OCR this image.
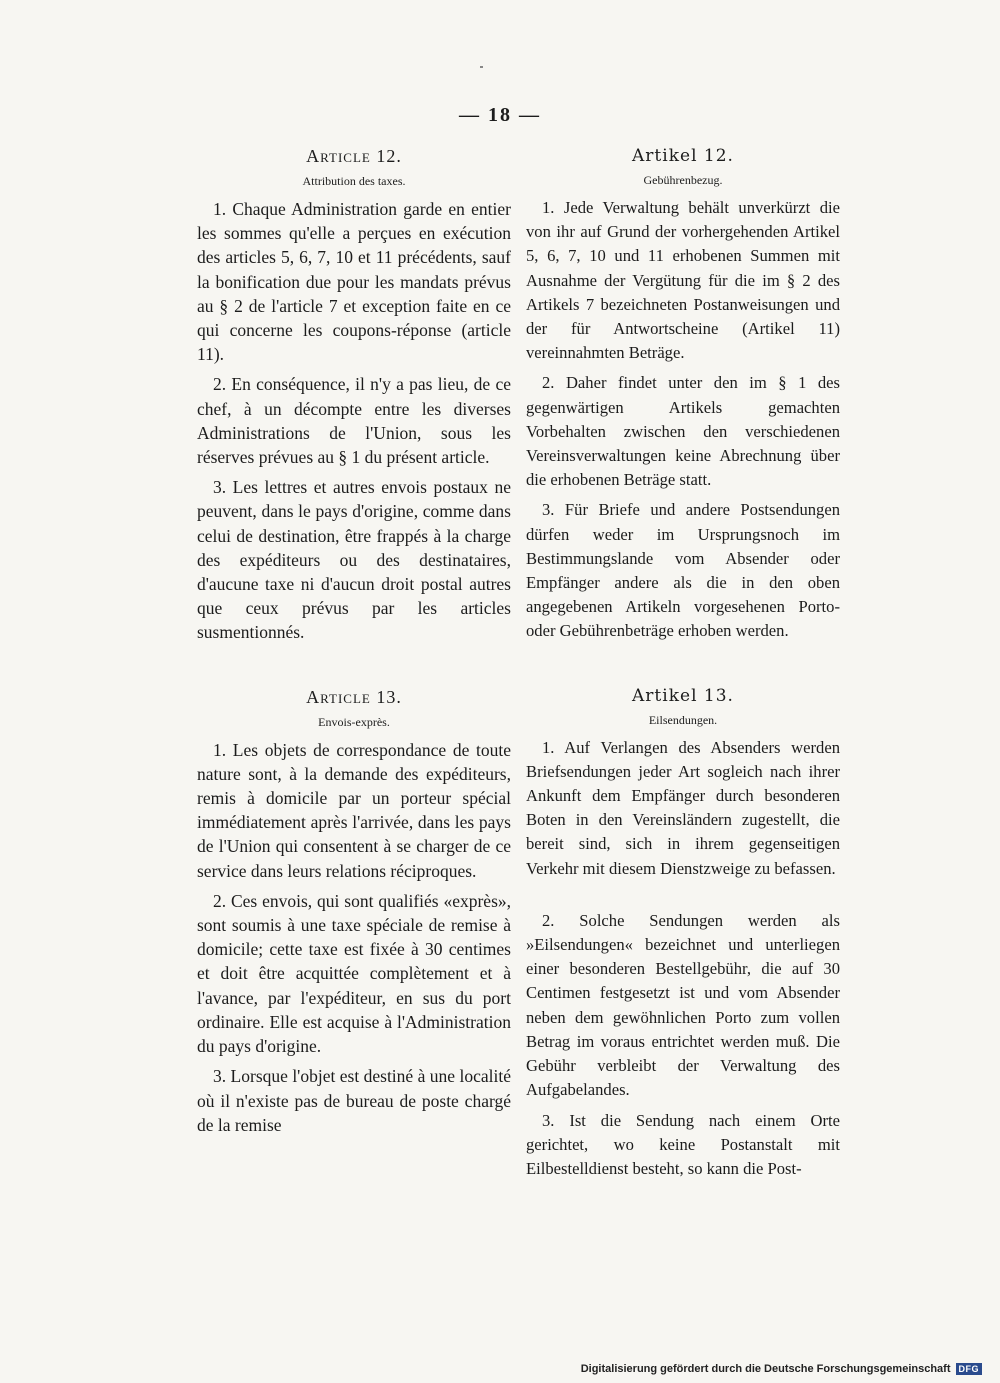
— 18 —
Article 12.
Attribution des taxes.

1. Chaque Administration garde en entier les sommes qu'elle a perçues en exécution des articles 5, 6, 7, 10 et 11 précédents, sauf la bonification due pour les mandats prévus au § 2 de l'article 7 et exception faite en ce qui concerne les coupons-réponse (article 11).

2. En conséquence, il n'y a pas lieu, de ce chef, à un décompte entre les diverses Administrations de l'Union, sous les réserves prévues au § 1 du présent article.

3. Les lettres et autres envois postaux ne peuvent, dans le pays d'origine, comme dans celui de destination, être frappés à la charge des expéditeurs ou des destinataires, d'aucune taxe ni d'aucun droit postal autres que ceux prévus par les articles susmentionnés.

Article 13.
Envois-exprès.

1. Les objets de correspondance de toute nature sont, à la demande des expéditeurs, remis à domicile par un porteur spécial immédiatement après l'arrivée, dans les pays de l'Union qui consentent à se charger de ce service dans leurs relations réciproques.

2. Ces envois, qui sont qualifiés «exprès», sont soumis à une taxe spéciale de remise à domicile; cette taxe est fixée à 30 centimes et doit être acquittée complètement et à l'avance, par l'expéditeur, en sus du port ordinaire. Elle est acquise à l'Administration du pays d'origine.

3. Lorsque l'objet est destiné à une localité où il n'existe pas de bureau de poste chargé de la remise

Artikel 12.
Gebührenbezug.

1. Jede Verwaltung behält unverkürzt die von ihr auf Grund der vorhergehenden Artikel 5, 6, 7, 10 und 11 erhobenen Summen mit Ausnahme der Vergütung für die im § 2 des Artikels 7 bezeichneten Postanweisungen und der für Antwortscheine (Artikel 11) vereinnahmten Beträge.

2. Daher findet unter den im § 1 des gegenwärtigen Artikels gemachten Vorbehalten zwischen den verschiedenen Vereinsverwaltungen keine Abrechnung über die erhobenen Beträge statt.

3. Für Briefe und andere Postsendungen dürfen weder im Ursprungsnoch im Bestimmungslande vom Absender oder Empfänger andere als die in den oben angegebenen Artikeln vorgesehenen Porto- oder Gebührenbeträge erhoben werden.

Artikel 13.
Eilsendungen.

1. Auf Verlangen des Absenders werden Briefsendungen jeder Art sogleich nach ihrer Ankunft dem Empfänger durch besonderen Boten in den Vereinsländern zugestellt, die bereit sind, sich in ihrem gegenseitigen Verkehr mit diesem Dienstzweige zu befassen.

2. Solche Sendungen werden als »Eilsendungen« bezeichnet und unterliegen einer besonderen Bestellgebühr, die auf 30 Centimen festgesetzt ist und vom Absender neben dem gewöhnlichen Porto zum vollen Betrag im voraus entrichtet werden muß. Die Gebühr verbleibt der Verwaltung des Aufgabelandes.

3. Ist die Sendung nach einem Orte gerichtet, wo keine Postanstalt mit Eilbestelldienst besteht, so kann die Post-

Digitalisierung gefördert durch die Deutsche Forschungsgemeinschaft DFG
